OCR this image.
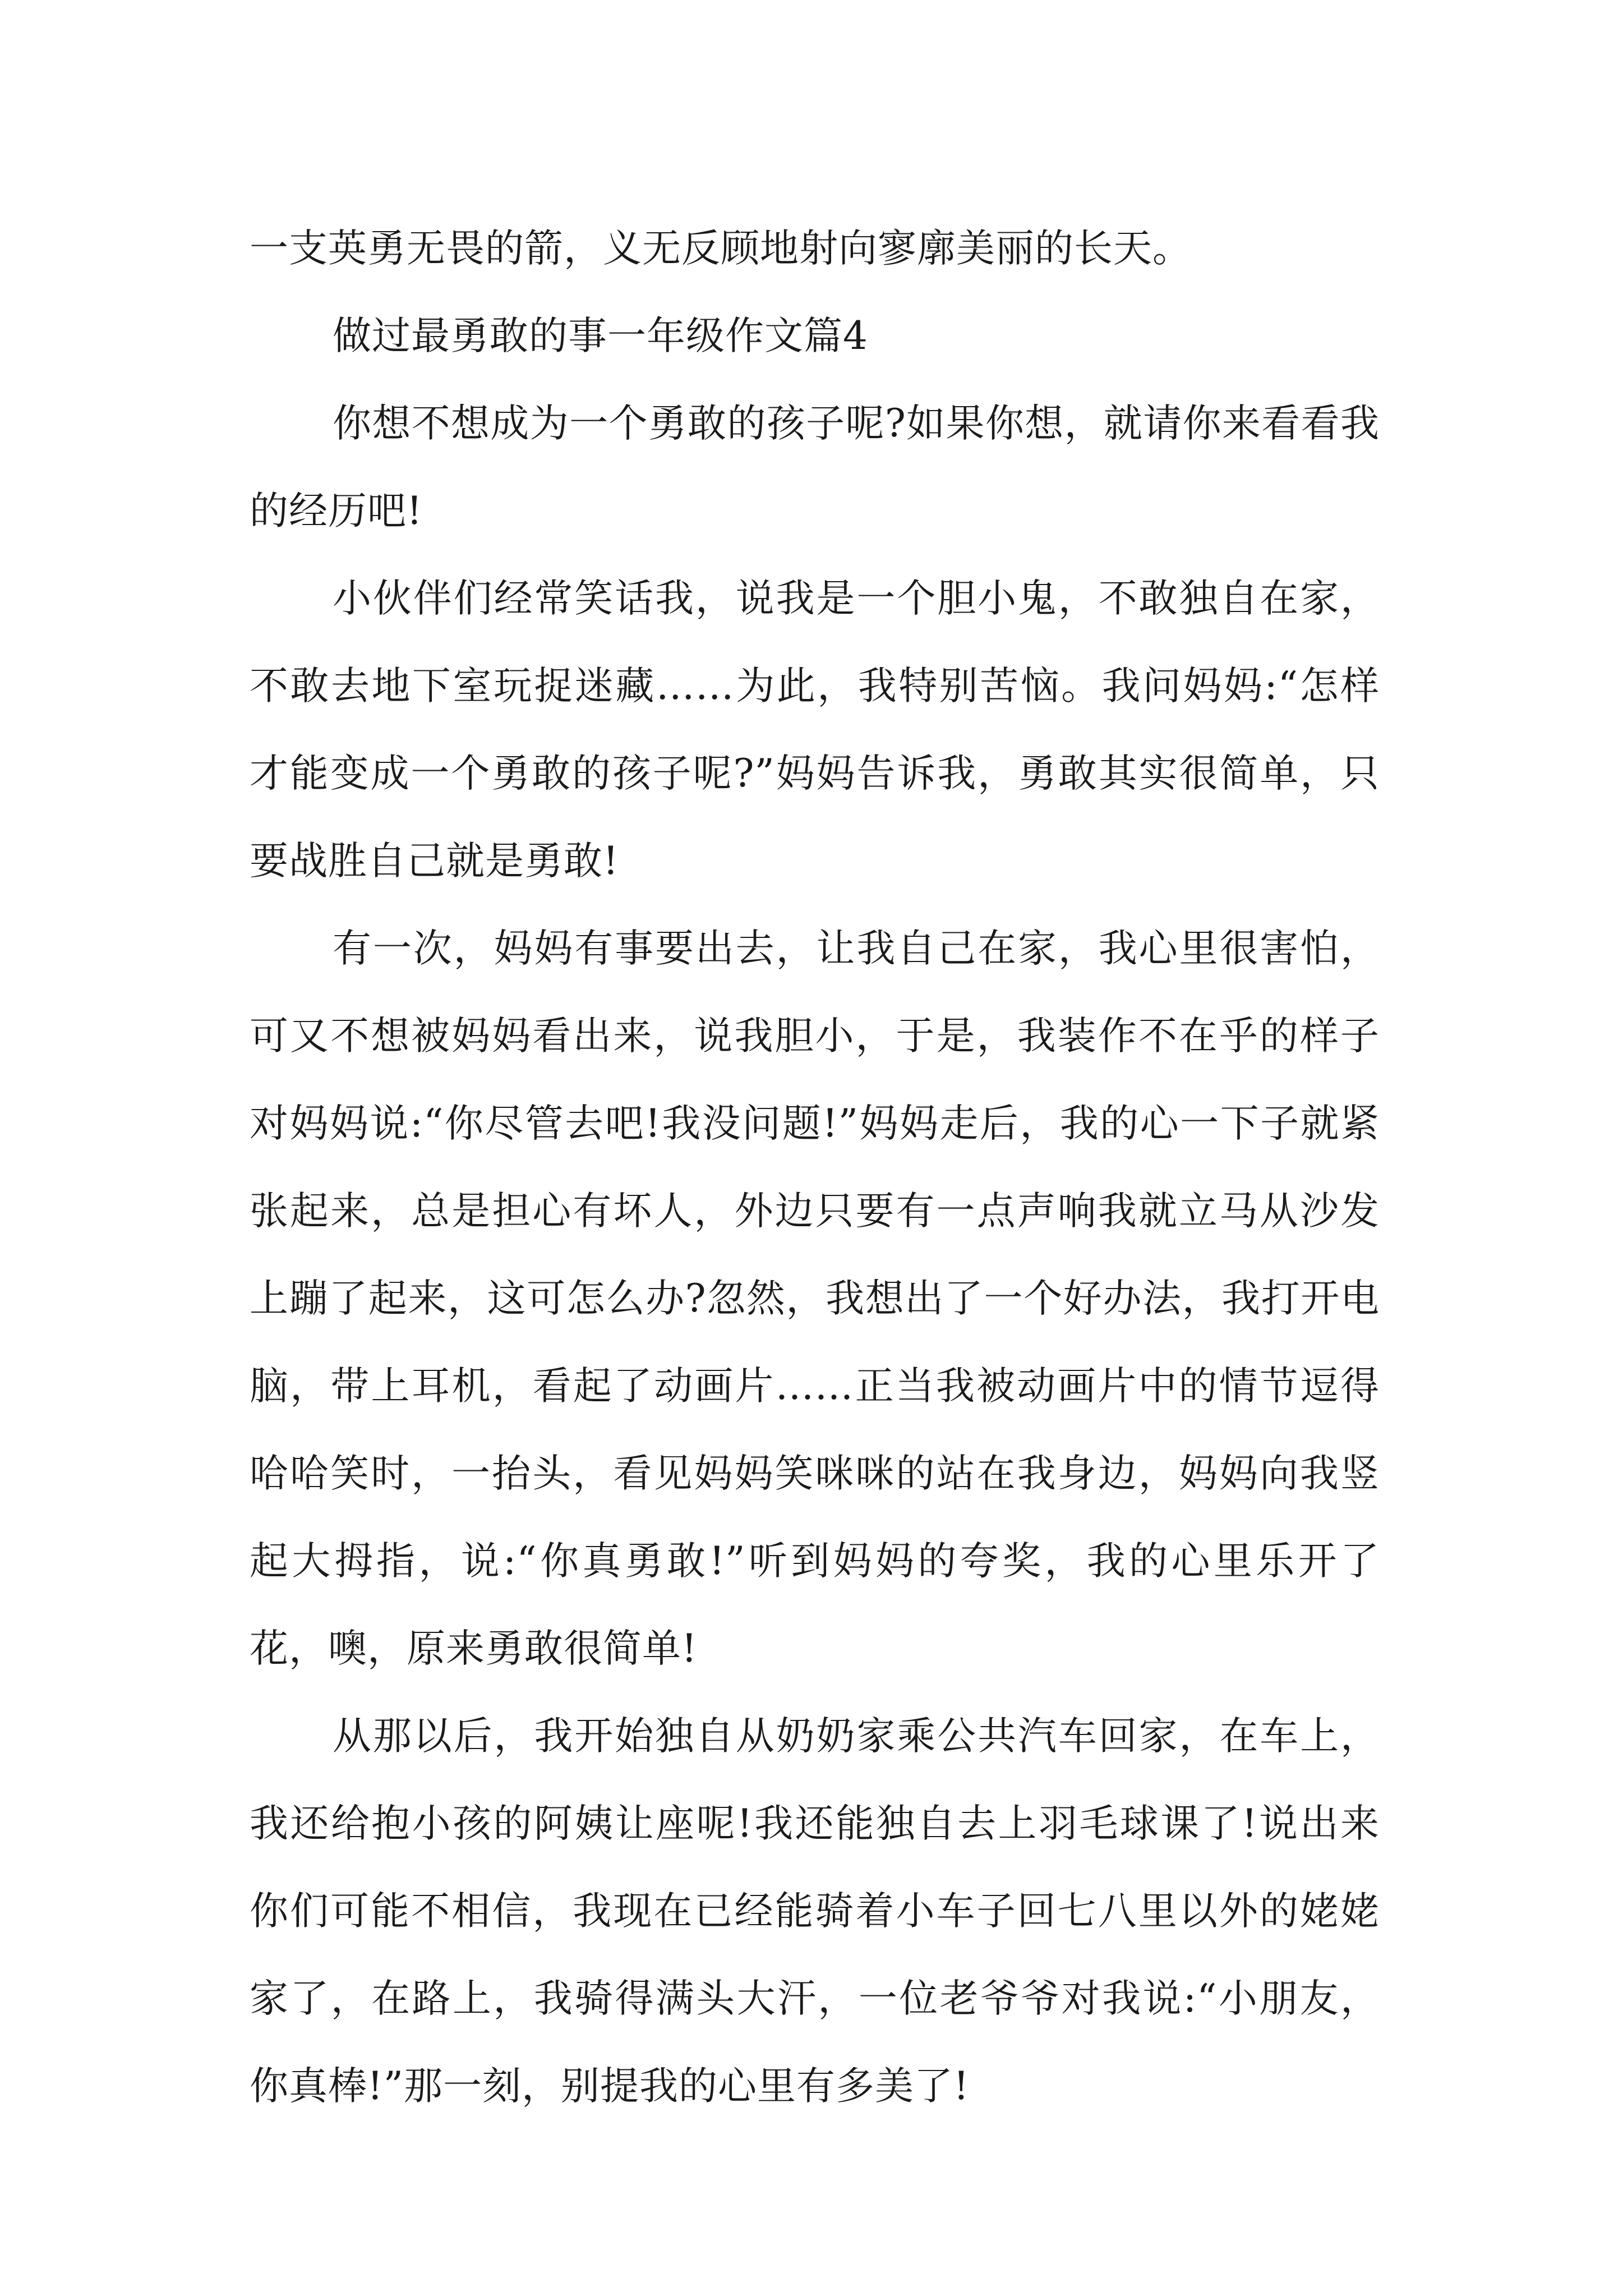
一支英勇无畏的箭，义无反顾地射向寥廓美丽的长天。

做过最勇敢的事一年级作文篇4

你想不想成为一个勇敢的孩子呢?如果你想，就请你来看看我的经历吧!

小伙伴们经常笑话我，说我是一个胆小鬼，不敢独自在家，不敢去地下室玩捉迷藏……为此，我特别苦恼。我问妈妈:“怎样才能变成一个勇敢的孩子呢?”妈妈告诉我，勇敢其实很简单，只要战胜自己就是勇敢!

有一次，妈妈有事要出去，让我自己在家，我心里很害怕，可又不想被妈妈看出来，说我胆小，于是，我装作不在乎的样子对妈妈说:“你尽管去吧!我没问题!”妈妈走后，我的心一下子就紧张起来，总是担心有坏人，外边只要有一点声响我就立马从沙发上蹦了起来，这可怎么办?忽然，我想出了一个好办法，我打开电脑，带上耳机，看起了动画片……正当我被动画片中的情节逗得哈哈笑时，一抬头，看见妈妈笑咪咪的站在我身边，妈妈向我竖起大拇指，说:“你真勇敢!”听到妈妈的夸奖，我的心里乐开了花，噢，原来勇敢很简单!

从那以后，我开始独自从奶奶家乘公共汽车回家，在车上，我还给抱小孩的阿姨让座呢!我还能独自去上羽毛球课了!说出来你们可能不相信，我现在已经能骑着小车子回七八里以外的姥姥家了，在路上，我骑得满头大汗，一位老爷爷对我说:“小朋友，你真棒!”那一刻，别提我的心里有多美了!
